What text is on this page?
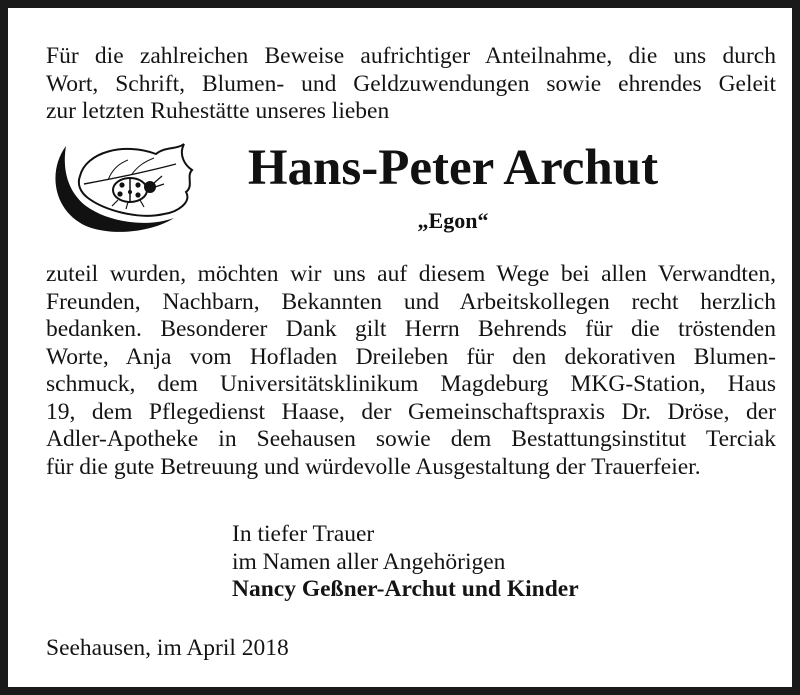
Für die zahlreichen Beweise aufrichtiger Anteilnahme, die uns durch
Wort, Schrift, Blumen- und Geldzuwendungen sowie ehrendes Geleit
zur letzten Ruhestätte unseres lieben
Hans-Peter Archut
„Egon“
zuteil wurden, möchten wir uns auf diesem Wege bei allen Verwandten,
Freunden, Nachbarn, Bekannten und Arbeitskollegen recht herzlich
bedanken. Besonderer Dank gilt Herrn Behrends für die tröstenden
Worte, Anja vom Hofladen Dreileben für den dekorativen Blumen-
schmuck, dem Universitätsklinikum Magdeburg MKG-Station, Haus
19, dem Pflegedienst Haase, der Gemeinschaftspraxis Dr. Dröse, der
Adler-Apotheke in Seehausen sowie dem Bestattungsinstitut Terciak
für die gute Betreuung und würdevolle Ausgestaltung der Trauerfeier.
In tiefer Trauer
im Namen aller Angehörigen
Nancy Geßner-Archut und Kinder
Seehausen, im April 2018
